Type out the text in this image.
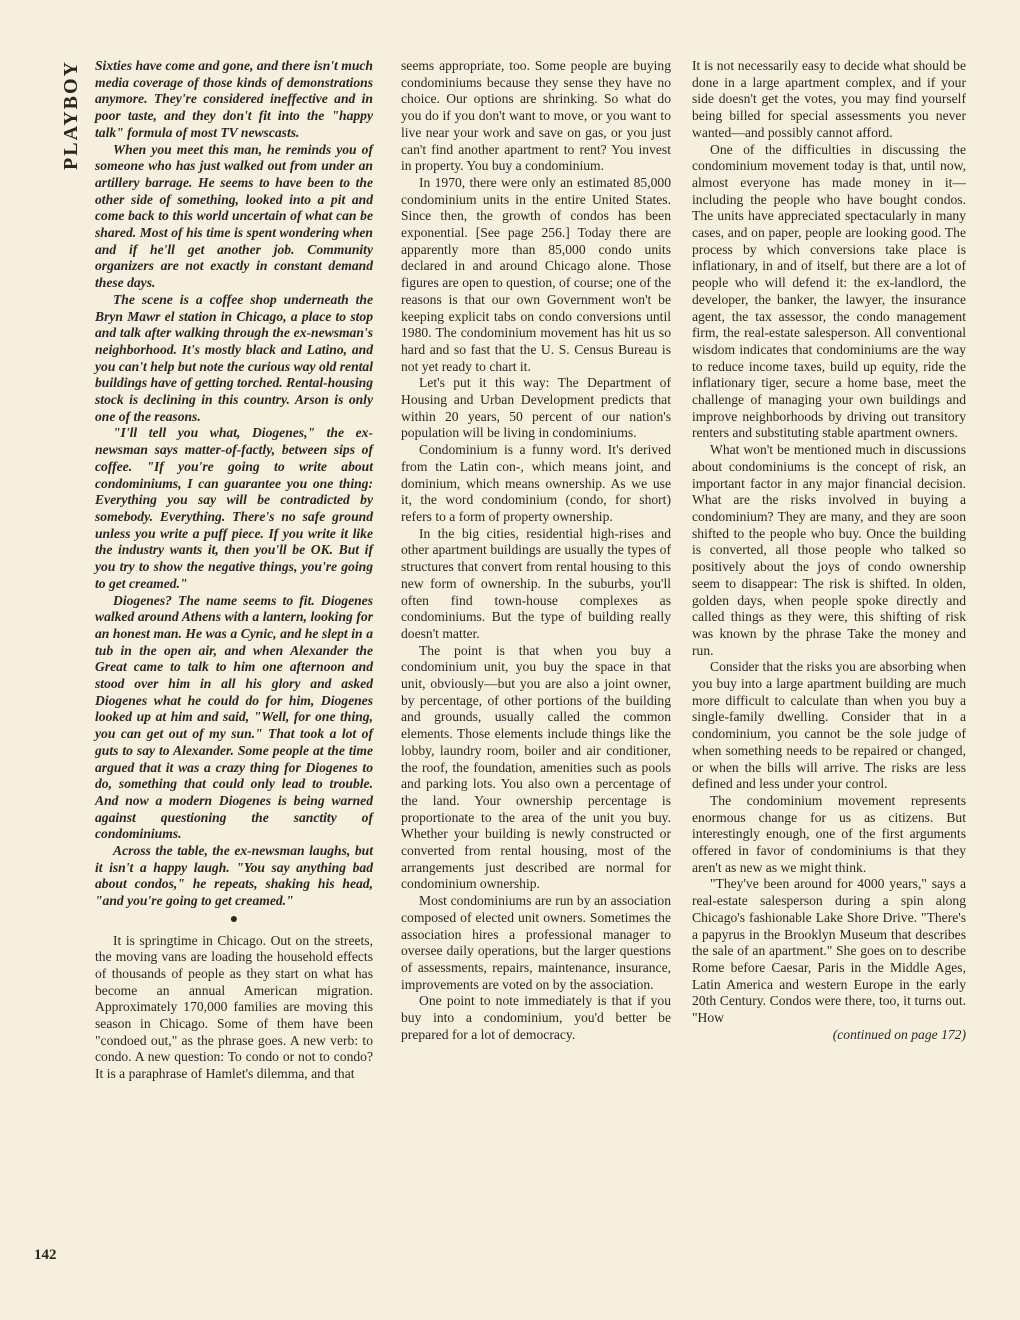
PLAYBOY
142

Sixties have come and gone, and there isn't much media coverage of those kinds of demonstrations anymore. They're considered ineffective and in poor taste, and they don't fit into the "happy talk" formula of most TV newscasts.

When you meet this man, he reminds you of someone who has just walked out from under an artillery barrage. He seems to have been to the other side of something, looked into a pit and come back to this world uncertain of what can be shared. Most of his time is spent wondering when and if he'll get another job. Community organizers are not exactly in constant demand these days.

The scene is a coffee shop underneath the Bryn Mawr el station in Chicago, a place to stop and talk after walking through the ex-newsman's neighborhood. It's mostly black and Latino, and you can't help but note the curious way old rental buildings have of getting torched. Rental-housing stock is declining in this country. Arson is only one of the reasons.

"I'll tell you what, Diogenes," the ex-newsman says matter-of-factly, between sips of coffee. "If you're going to write about condominiums, I can guarantee you one thing: Everything you say will be contradicted by somebody. Everything. There's no safe ground unless you write a puff piece. If you write it like the industry wants it, then you'll be OK. But if you try to show the negative things, you're going to get creamed."

Diogenes? The name seems to fit. Diogenes walked around Athens with a lantern, looking for an honest man. He was a Cynic, and he slept in a tub in the open air, and when Alexander the Great came to talk to him one afternoon and stood over him in all his glory and asked Diogenes what he could do for him, Diogenes looked up at him and said, "Well, for one thing, you can get out of my sun." That took a lot of guts to say to Alexander. Some people at the time argued that it was a crazy thing for Diogenes to do, something that could only lead to trouble. And now a modern Diogenes is being warned against questioning the sanctity of condominiums.

Across the table, the ex-newsman laughs, but it isn't a happy laugh. "You say anything bad about condos," he repeats, shaking his head, "and you're going to get creamed."

●

It is springtime in Chicago. Out on the streets, the moving vans are loading the household effects of thousands of people as they start on what has become an annual American migration. Approximately 170,000 families are moving this season in Chicago. Some of them have been "condoed out," as the phrase goes. A new verb: to condo. A new question: To condo or not to condo? It is a paraphrase of Hamlet's dilemma, and that

seems appropriate, too. Some people are buying condominiums because they sense they have no choice. Our options are shrinking. So what do you do if you don't want to move, or you want to live near your work and save on gas, or you just can't find another apartment to rent? You invest in property. You buy a condominium.

In 1970, there were only an estimated 85,000 condominium units in the entire United States. Since then, the growth of condos has been exponential. [See page 256.] Today there are apparently more than 85,000 condo units declared in and around Chicago alone. Those figures are open to question, of course; one of the reasons is that our own Government won't be keeping explicit tabs on condo conversions until 1980. The condominium movement has hit us so hard and so fast that the U. S. Census Bureau is not yet ready to chart it.

Let's put it this way: The Department of Housing and Urban Development predicts that within 20 years, 50 percent of our nation's population will be living in condominiums.

Condominium is a funny word. It's derived from the Latin con-, which means joint, and dominium, which means ownership. As we use it, the word condominium (condo, for short) refers to a form of property ownership.

In the big cities, residential high-rises and other apartment buildings are usually the types of structures that convert from rental housing to this new form of ownership. In the suburbs, you'll often find town-house complexes as condominiums. But the type of building really doesn't matter.

The point is that when you buy a condominium unit, you buy the space in that unit, obviously—but you are also a joint owner, by percentage, of other portions of the building and grounds, usually called the common elements. Those elements include things like the lobby, laundry room, boiler and air conditioner, the roof, the foundation, amenities such as pools and parking lots. You also own a percentage of the land. Your ownership percentage is proportionate to the area of the unit you buy. Whether your building is newly constructed or converted from rental housing, most of the arrangements just described are normal for condominium ownership.

Most condominiums are run by an association composed of elected unit owners. Sometimes the association hires a professional manager to oversee daily operations, but the larger questions of assessments, repairs, maintenance, insurance, improvements are voted on by the association.

One point to note immediately is that if you buy into a condominium, you'd better be prepared for a lot of democracy.

It is not necessarily easy to decide what should be done in a large apartment complex, and if your side doesn't get the votes, you may find yourself being billed for special assessments you never wanted—and possibly cannot afford.

One of the difficulties in discussing the condominium movement today is that, until now, almost everyone has made money in it—including the people who have bought condos. The units have appreciated spectacularly in many cases, and on paper, people are looking good. The process by which conversions take place is inflationary, in and of itself, but there are a lot of people who will defend it: the ex-landlord, the developer, the banker, the lawyer, the insurance agent, the tax assessor, the condo management firm, the real-estate salesperson. All conventional wisdom indicates that condominiums are the way to reduce income taxes, build up equity, ride the inflationary tiger, secure a home base, meet the challenge of managing your own buildings and improve neighborhoods by driving out transitory renters and substituting stable apartment owners.

What won't be mentioned much in discussions about condominiums is the concept of risk, an important factor in any major financial decision. What are the risks involved in buying a condominium? They are many, and they are soon shifted to the people who buy. Once the building is converted, all those people who talked so positively about the joys of condo ownership seem to disappear: The risk is shifted. In olden, golden days, when people spoke directly and called things as they were, this shifting of risk was known by the phrase Take the money and run.

Consider that the risks you are absorbing when you buy into a large apartment building are much more difficult to calculate than when you buy a single-family dwelling. Consider that in a condominium, you cannot be the sole judge of when something needs to be repaired or changed, or when the bills will arrive. The risks are less defined and less under your control.

The condominium movement represents enormous change for us as citizens. But interestingly enough, one of the first arguments offered in favor of condominiums is that they aren't as new as we might think.

"They've been around for 4000 years," says a real-estate salesperson during a spin along Chicago's fashionable Lake Shore Drive. "There's a papyrus in the Brooklyn Museum that describes the sale of an apartment." She goes on to describe Rome before Caesar, Paris in the Middle Ages, Latin America and western Europe in the early 20th Century. Condos were there, too, it turns out. "How

(continued on page 172)
